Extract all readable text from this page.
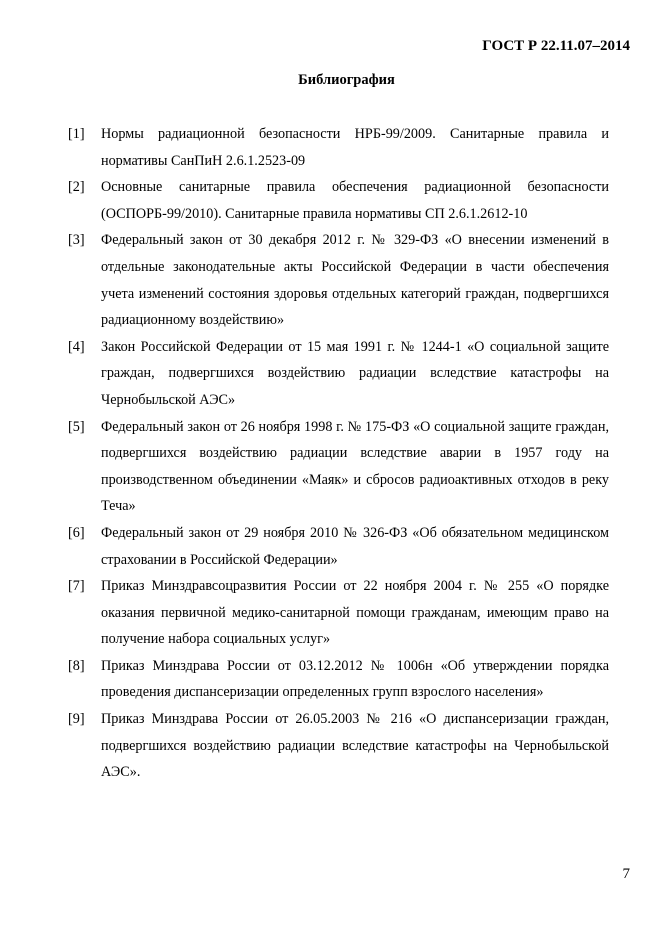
ГОСТ Р 22.11.07–2014
Библиография
[1]	Нормы радиационной безопасности НРБ-99/2009. Санитарные правила и нормативы СанПиН 2.6.1.2523-09
[2]	Основные санитарные правила обеспечения радиационной безопасности (ОСПОРБ-99/2010). Санитарные правила нормативы СП 2.6.1.2612-10
[3]	Федеральный закон от 30 декабря 2012 г. № 329-ФЗ «О внесении изменений в отдельные законодательные акты Российской Федерации в части обеспечения учета изменений состояния здоровья отдельных категорий граждан, подвергшихся радиационному воздействию»
[4]	Закон Российской Федерации от 15 мая 1991 г. № 1244-1 «О социальной защите граждан, подвергшихся воздействию радиации вследствие катастрофы на Чернобыльской АЭС»
[5]	Федеральный закон от 26 ноября 1998 г. № 175-ФЗ «О социальной защите граждан, подвергшихся воздействию радиации вследствие аварии в 1957 году на производственном объединении «Маяк» и сбросов радиоактивных отходов в реку Теча»
[6]	Федеральный закон от 29 ноября 2010 № 326-ФЗ «Об обязательном медицинском страховании в Российской Федерации»
[7]	Приказ Минздравсоцразвития России от 22 ноября 2004 г. № 255 «О порядке оказания первичной медико-санитарной помощи гражданам, имеющим право на получение набора социальных услуг»
[8]	Приказ Минздрава России от 03.12.2012 № 1006н «Об утверждении порядка проведения диспансеризации определенных групп взрослого населения»
[9]	Приказ Минздрава России от 26.05.2003 № 216 «О диспансеризации граждан, подвергшихся воздействию радиации вследствие катастрофы на Чернобыльской АЭС».
7
